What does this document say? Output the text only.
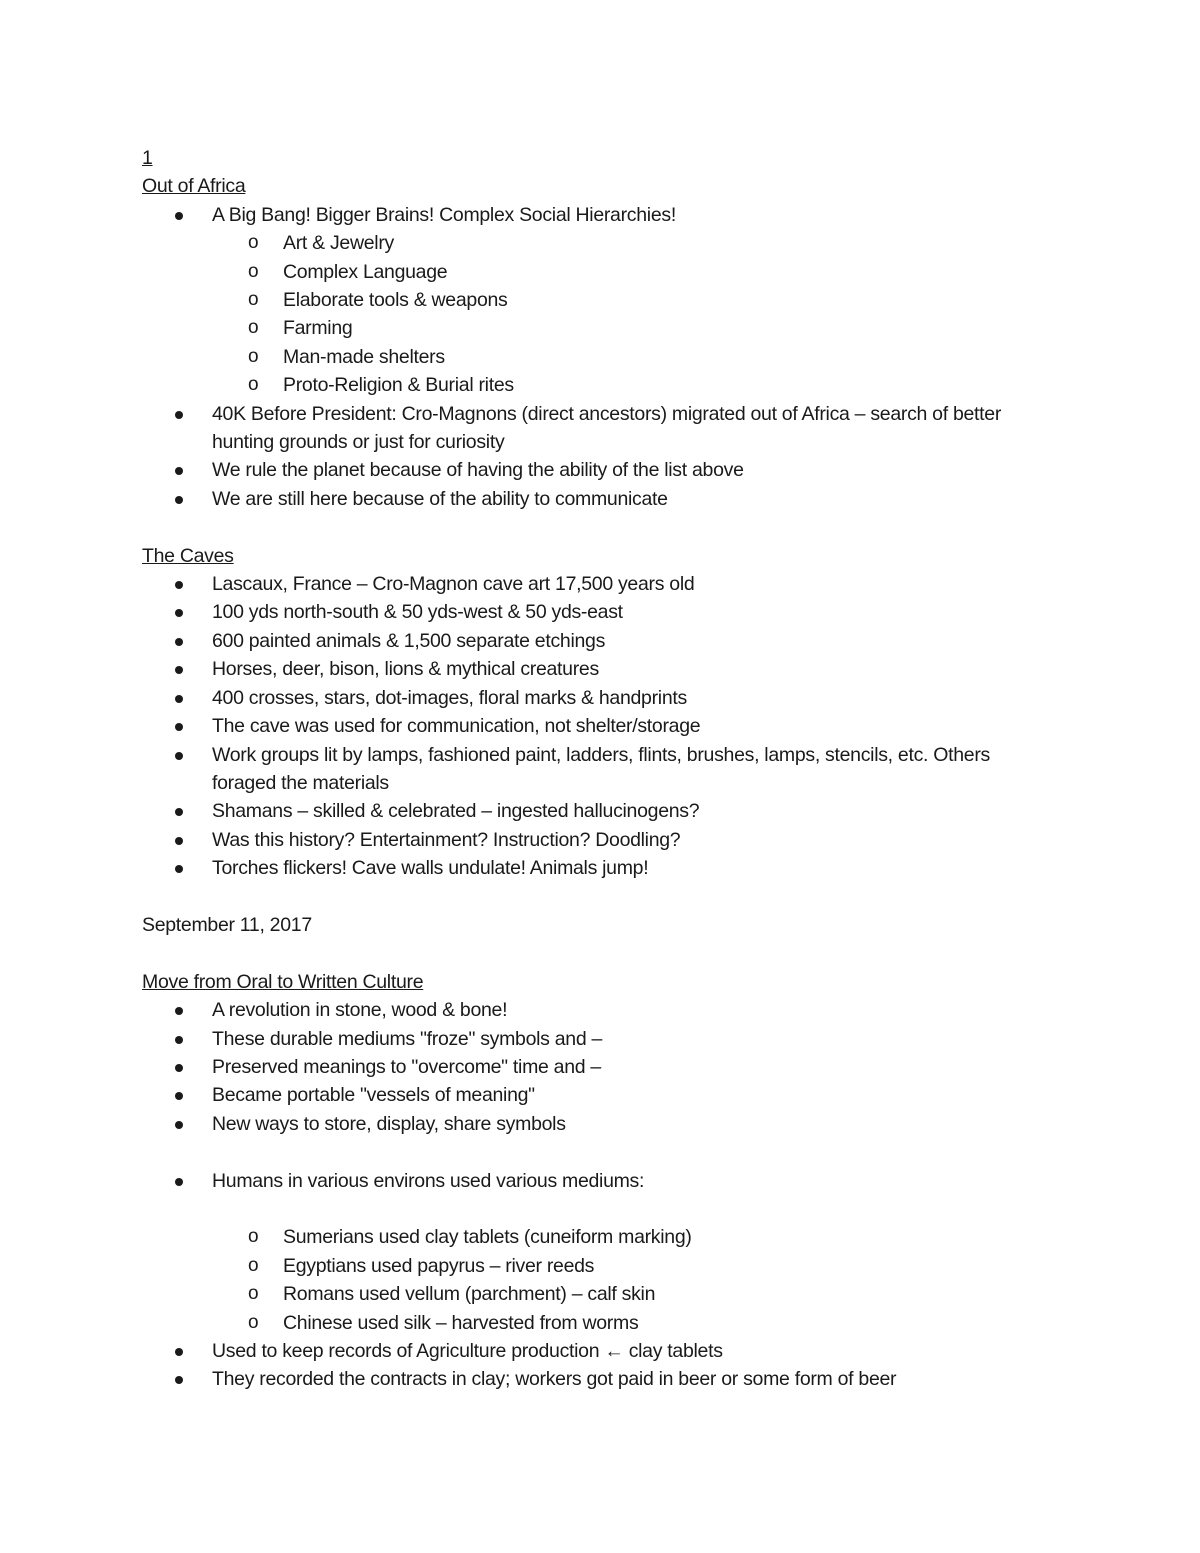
1

Out of Africa

A Big Bang! Bigger Brains! Complex Social Hierarchies!
o Art & Jewelry
o Complex Language
o Elaborate tools & weapons
o Farming
o Man-made shelters
o Proto-Religion & Burial rites
40K Before President: Cro-Magnons (direct ancestors) migrated out of Africa – search of better hunting grounds or just for curiosity
We rule the planet because of having the ability of the list above
We are still here because of the ability to communicate

The Caves

Lascaux, France – Cro-Magnon cave art 17,500 years old
100 yds north-south & 50 yds-west & 50 yds-east
600 painted animals & 1,500 separate etchings
Horses, deer, bison, lions & mythical creatures
400 crosses, stars, dot-images, floral marks & handprints
The cave was used for communication, not shelter/storage
Work groups lit by lamps, fashioned paint, ladders, flints, brushes, lamps, stencils, etc. Others foraged the materials
Shamans – skilled & celebrated – ingested hallucinogens?
Was this history? Entertainment? Instruction? Doodling?
Torches flickers! Cave walls undulate! Animals jump!

September 11, 2017

Move from Oral to Written Culture

A revolution in stone, wood & bone!
These durable mediums "froze" symbols and –
Preserved meanings to "overcome" time and –
Became portable "vessels of meaning"
New ways to store, display, share symbols
Humans in various environs used various mediums:
o Sumerians used clay tablets (cuneiform marking)
o Egyptians used papyrus – river reeds
o Romans used vellum (parchment) – calf skin
o Chinese used silk – harvested from worms
Used to keep records of Agriculture production ← clay tablets
They recorded the contracts in clay; workers got paid in beer or some form of beer
